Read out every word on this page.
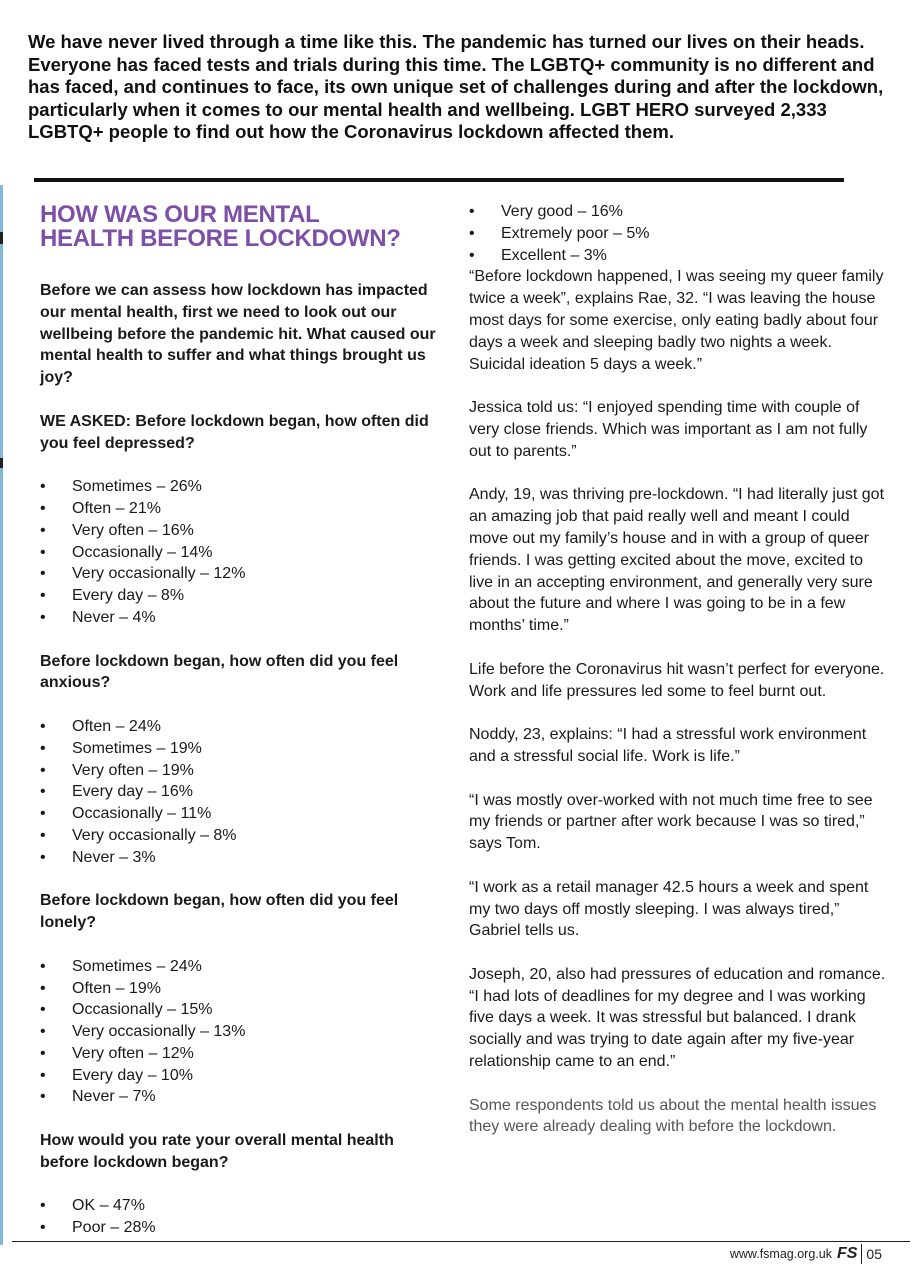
We have never lived through a time like this. The pandemic has turned our lives on their heads. Everyone has faced tests and trials during this time. The LGBTQ+ community is no different and has faced, and continues to face, its own unique set of challenges during and after the lockdown, particularly when it comes to our mental health and wellbeing. LGBT HERO surveyed 2,333 LGBTQ+ people to find out how the Coronavirus lockdown affected them.
HOW WAS OUR MENTAL
HEALTH BEFORE LOCKDOWN?

Before we can assess how lockdown has impacted our mental health, first we need to look out our wellbeing before the pandemic hit. What caused our mental health to suffer and what things brought us joy?

WE ASKED: Before lockdown began, how often did you feel depressed?

• Sometimes – 26%
• Often – 21%
• Very often – 16%
• Occasionally – 14%
• Very occasionally – 12%
• Every day – 8%
• Never – 4%

Before lockdown began, how often did you feel anxious?

• Often – 24%
• Sometimes – 19%
• Very often – 19%
• Every day – 16%
• Occasionally – 11%
• Very occasionally – 8%
• Never – 3%

Before lockdown began, how often did you feel lonely?

• Sometimes – 24%
• Often – 19%
• Occasionally – 15%
• Very occasionally – 13%
• Very often – 12%
• Every day – 10%
• Never – 7%

How would you rate your overall mental health before lockdown began?

• OK – 47%
• Poor – 28%
• Very good – 16%
• Extremely poor – 5%
• Excellent – 3%

“Before lockdown happened, I was seeing my queer family twice a week”, explains Rae, 32. “I was leaving the house most days for some exercise, only eating badly about four days a week and sleeping badly two nights a week. Suicidal ideation 5 days a week.”

Jessica told us: “I enjoyed spending time with couple of very close friends. Which was important as I am not fully out to parents.”

Andy, 19, was thriving pre-lockdown. “I had literally just got an amazing job that paid really well and meant I could move out my family’s house and in with a group of queer friends. I was getting excited about the move, excited to live in an accepting environment, and generally very sure about the future and where I was going to be in a few months’ time.”

Life before the Coronavirus hit wasn’t perfect for everyone. Work and life pressures led some to feel burnt out.

Noddy, 23, explains: “I had a stressful work environment and a stressful social life. Work is life.”

“I was mostly over-worked with not much time free to see my friends or partner after work because I was so tired,” says Tom.

“I work as a retail manager 42.5 hours a week and spent my two days off mostly sleeping. I was always tired,” Gabriel tells us.

Joseph, 20, also had pressures of education and romance. “I had lots of deadlines for my degree and I was working five days a week. It was stressful but balanced. I drank socially and was trying to date again after my five-year relationship came to an end.”

Some respondents told us about the mental health issues they were already dealing with before the lockdown.

www.fsmag.org.uk FS 05
